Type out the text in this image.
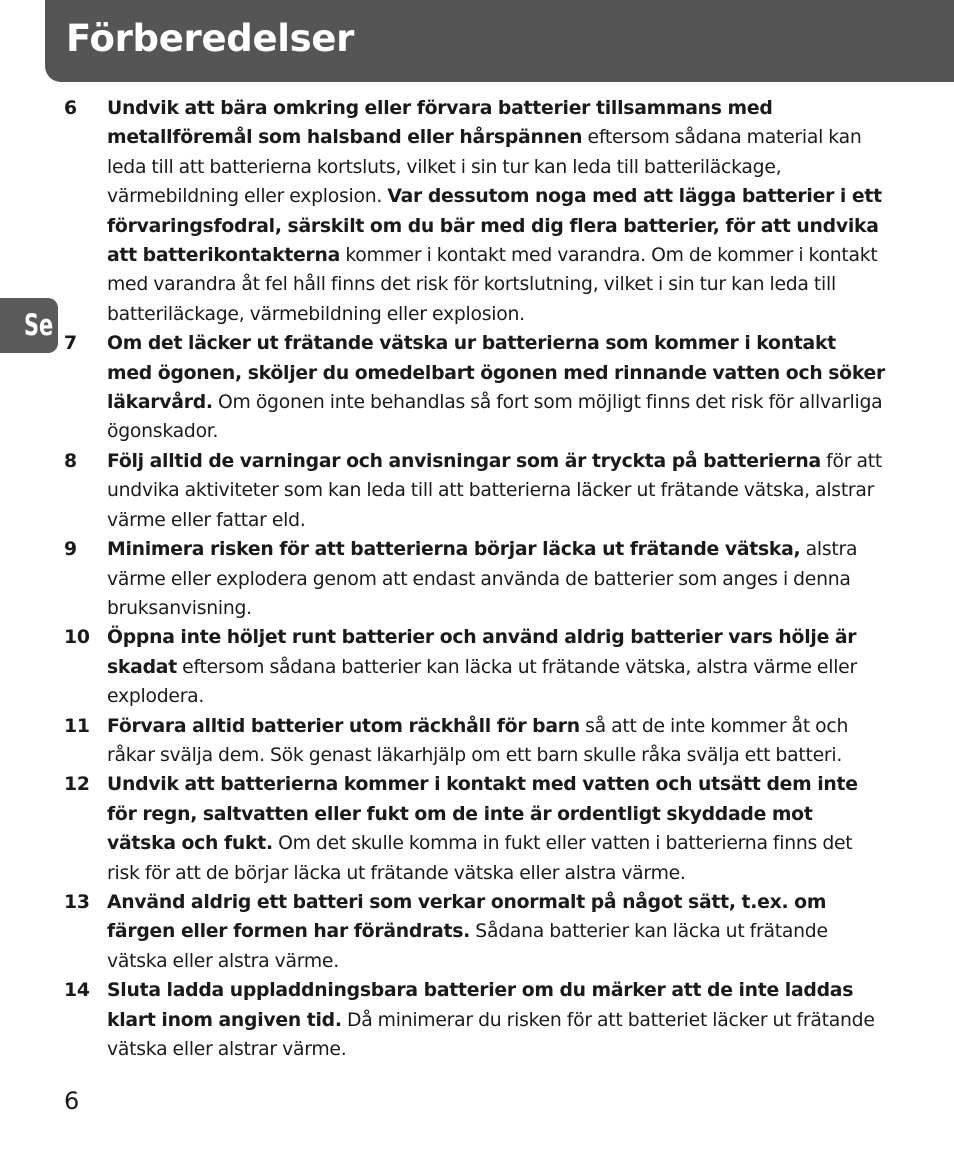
Förberedelser
Se
6 Undvik att bära omkring eller förvara batterier tillsammans med metallföremål som halsband eller hårspännen eftersom sådana material kan leda till att batterierna kortsluts, vilket i sin tur kan leda till batteriläckage, värmebildning eller explosion. Var dessutom noga med att lägga batterier i ett förvaringsfodral, särskilt om du bär med dig flera batterier, för att undvika att batterikontakterna kommer i kontakt med varandra. Om de kommer i kontakt med varandra åt fel håll finns det risk för kortslutning, vilket i sin tur kan leda till batteriläckage, värmebildning eller explosion.
7 Om det läcker ut frätande vätska ur batterierna som kommer i kontakt med ögonen, sköljer du omedelbart ögonen med rinnande vatten och söker läkarvård. Om ögonen inte behandlas så fort som möjligt finns det risk för allvarliga ögonskador.
8 Följ alltid de varningar och anvisningar som är tryckta på batterierna för att undvika aktiviteter som kan leda till att batterierna läcker ut frätande vätska, alstrar värme eller fattar eld.
9 Minimera risken för att batterierna börjar läcka ut frätande vätska, alstra värme eller explodera genom att endast använda de batterier som anges i denna bruksanvisning.
10 Öppna inte höljet runt batterier och använd aldrig batterier vars hölje är skadat eftersom sådana batterier kan läcka ut frätande vätska, alstra värme eller explodera.
11 Förvara alltid batterier utom räckhåll för barn så att de inte kommer åt och råkar svälja dem. Sök genast läkarhjälp om ett barn skulle råka svälja ett batteri.
12 Undvik att batterierna kommer i kontakt med vatten och utsätt dem inte för regn, saltvatten eller fukt om de inte är ordentligt skyddade mot vätska och fukt. Om det skulle komma in fukt eller vatten i batterierna finns det risk för att de börjar läcka ut frätande vätska eller alstra värme.
13 Använd aldrig ett batteri som verkar onormalt på något sätt, t.ex. om färgen eller formen har förändrats. Sådana batterier kan läcka ut frätande vätska eller alstra värme.
14 Sluta ladda uppladdningsbara batterier om du märker att de inte laddas klart inom angiven tid. Då minimerar du risken för att batteriet läcker ut frätande vätska eller alstrar värme.
6
